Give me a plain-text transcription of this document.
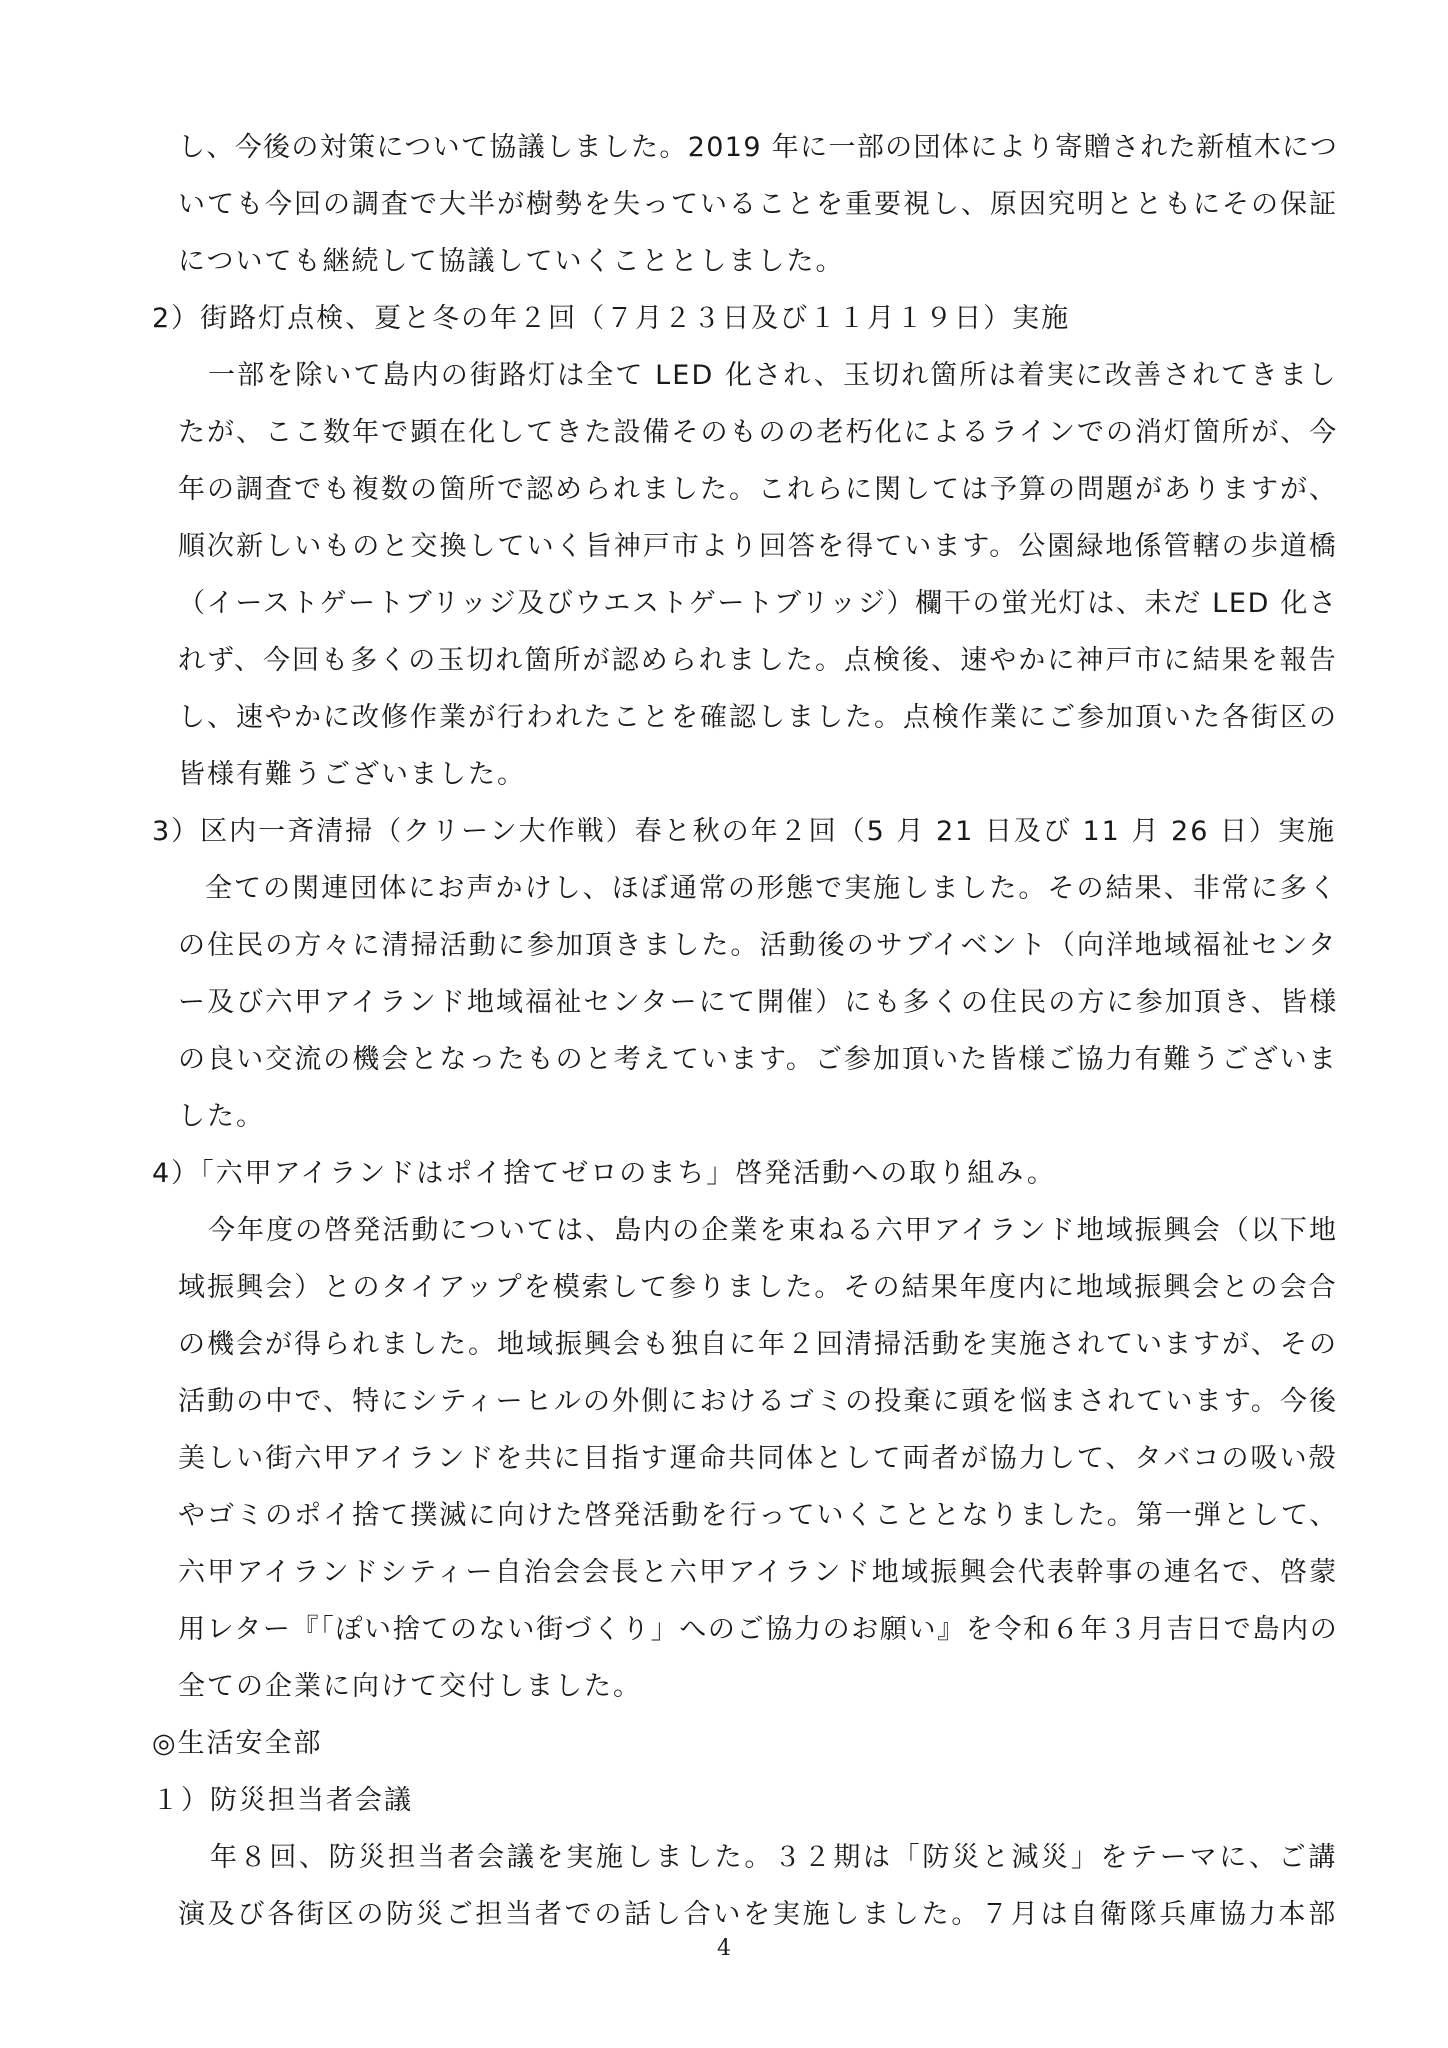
し、今後の対策について協議しました。2019 年に一部の団体により寄贈された新植木につ
いても今回の調査で大半が樹勢を失っていることを重要視し、原因究明とともにその保証
についても継続して協議していくこととしました。
2）街路灯点検、夏と冬の年２回（７月２３日及び１１月１９日）実施
一部を除いて島内の街路灯は全て LED 化され、玉切れ箇所は着実に改善されてきまし
たが、ここ数年で顕在化してきた設備そのものの老朽化によるラインでの消灯箇所が、今
年の調査でも複数の箇所で認められました。これらに関しては予算の問題がありますが、
順次新しいものと交換していく旨神戸市より回答を得ています。公園緑地係管轄の歩道橋
（イーストゲートブリッジ及びウエストゲートブリッジ）欄干の蛍光灯は、未だ LED 化さ
れず、今回も多くの玉切れ箇所が認められました。点検後、速やかに神戸市に結果を報告
し、速やかに改修作業が行われたことを確認しました。点検作業にご参加頂いた各街区の
皆様有難うございました。
3）区内一斉清掃（クリーン大作戦）春と秋の年２回（5 月 21 日及び 11 月 26 日）実施
全ての関連団体にお声かけし、ほぼ通常の形態で実施しました。その結果、非常に多く
の住民の方々に清掃活動に参加頂きました。活動後のサブイベント（向洋地域福祉センタ
ー及び六甲アイランド地域福祉センターにて開催）にも多くの住民の方に参加頂き、皆様
の良い交流の機会となったものと考えています。ご参加頂いた皆様ご協力有難うございま
した。
4）「六甲アイランドはポイ捨てゼロのまち」啓発活動への取り組み。
今年度の啓発活動については、島内の企業を束ねる六甲アイランド地域振興会（以下地
域振興会）とのタイアップを模索して参りました。その結果年度内に地域振興会との会合
の機会が得られました。地域振興会も独自に年２回清掃活動を実施されていますが、その
活動の中で、特にシティーヒルの外側におけるゴミの投棄に頭を悩まされています。今後
美しい街六甲アイランドを共に目指す運命共同体として両者が協力して、タバコの吸い殻
やゴミのポイ捨て撲滅に向けた啓発活動を行っていくこととなりました。第一弾として、
六甲アイランドシティー自治会会長と六甲アイランド地域振興会代表幹事の連名で、啓蒙
用レター『「ぽい捨てのない街づくり」へのご協力のお願い』を令和６年３月吉日で島内の
全ての企業に向けて交付しました。
◎生活安全部
１）防災担当者会議
年８回、防災担当者会議を実施しました。３２期は「防災と減災」をテーマに、ご講
演及び各街区の防災ご担当者での話し合いを実施しました。７月は自衛隊兵庫協力本部
4
